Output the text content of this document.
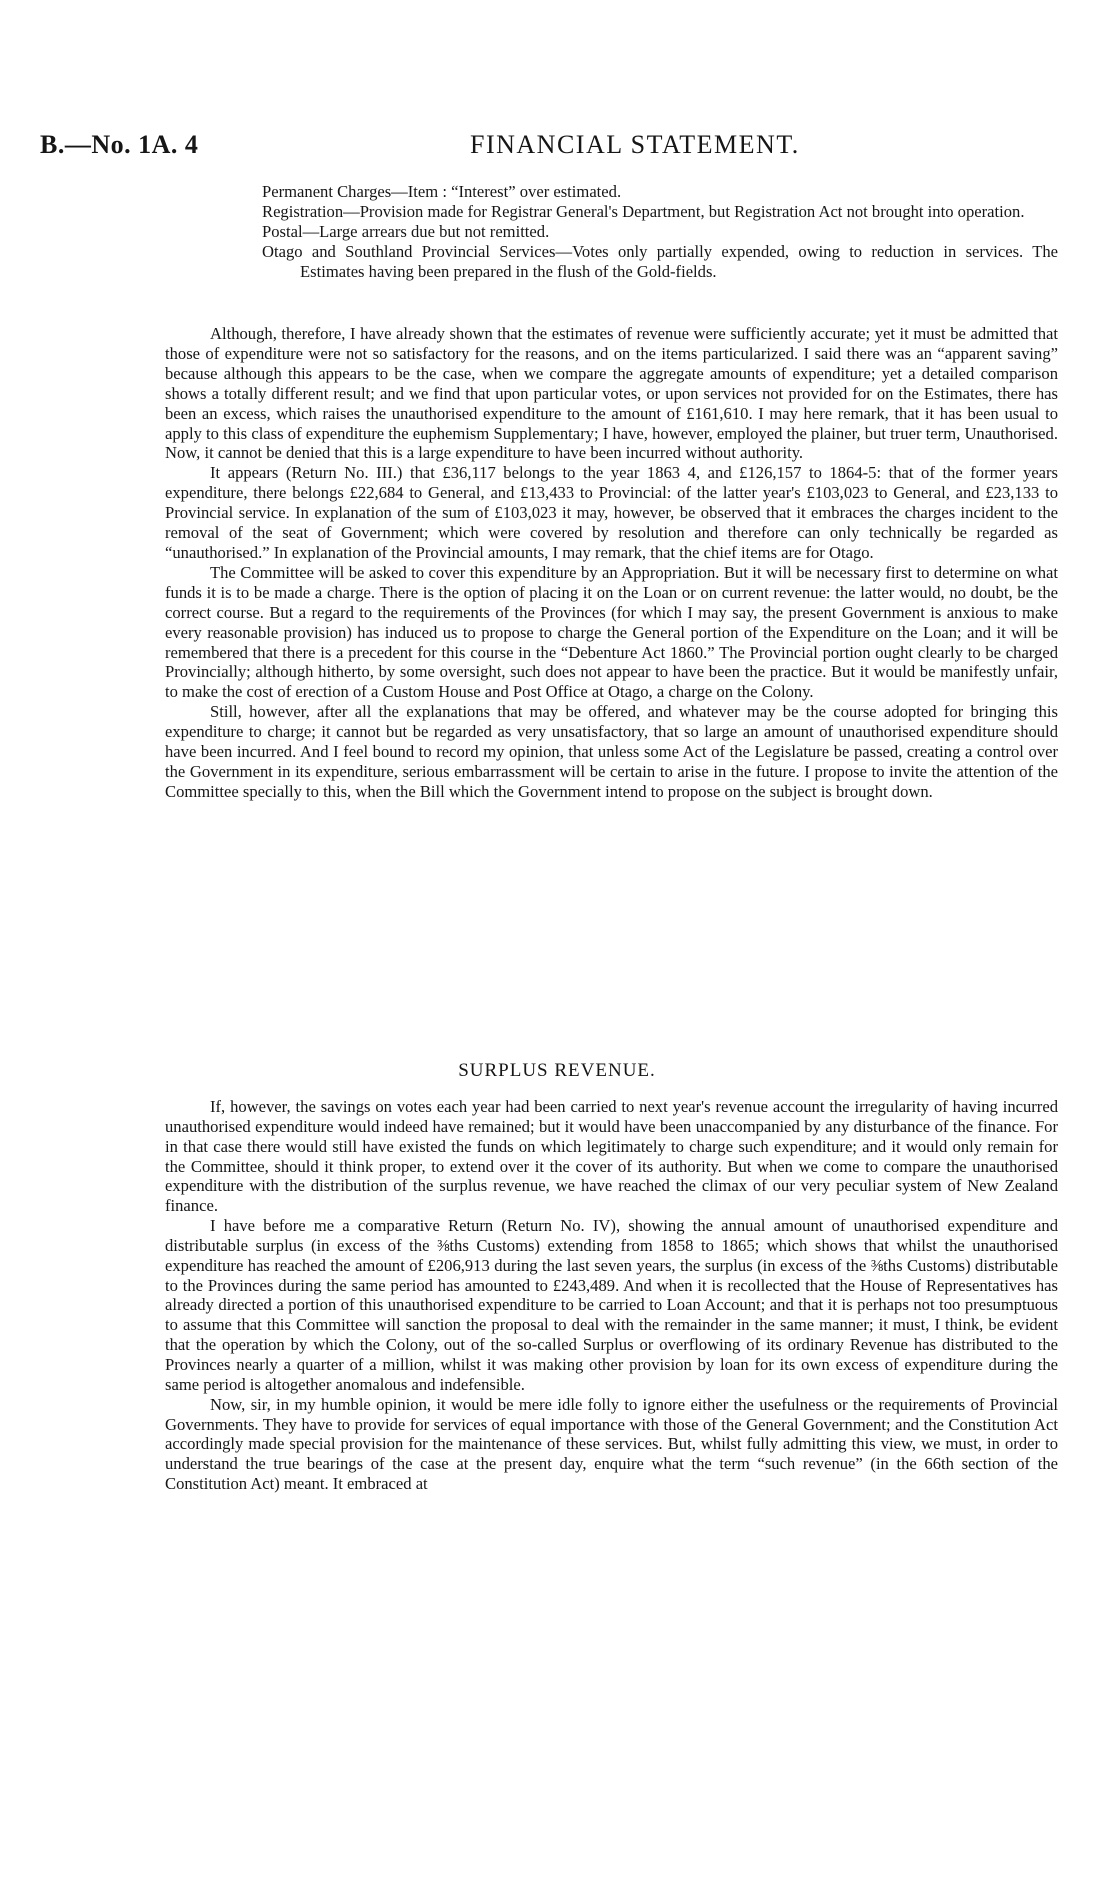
B.—No. 1A. 4	FINANCIAL STATEMENT.

Permanent Charges—Item : “Interest” over estimated.

Registration—Provision made for Registrar General's Department, but Registration Act not brought into operation.

Postal—Large arrears due but not remitted.

Otago and Southland Provincial Services—Votes only partially expended, owing to reduction in services. The Estimates having been prepared in the flush of the Gold-fields.

Although, therefore, I have already shown that the estimates of revenue were sufficiently accurate; yet it must be admitted that those of expenditure were not so satisfactory for the reasons, and on the items particularized. I said there was an “apparent saving” because although this appears to be the case, when we compare the aggregate amounts of expenditure; yet a detailed comparison shows a totally different result; and we find that upon particular votes, or upon services not provided for on the Estimates, there has been an excess, which raises the unauthorised expenditure to the amount of £161,610. I may here remark, that it has been usual to apply to this class of expenditure the euphemism Supplementary; I have, however, employed the plainer, but truer term, Unauthorised. Now, it cannot be denied that this is a large expenditure to have been incurred without authority.

It appears (Return No. III.) that £36,117 belongs to the year 1863 4, and £126,157 to 1864-5: that of the former years expenditure, there belongs £22,684 to General, and £13,433 to Provincial: of the latter year's £103,023 to General, and £23,133 to Provincial service. In explanation of the sum of £103,023 it may, however, be observed that it embraces the charges incident to the removal of the seat of Government; which were covered by resolution and therefore can only technically be regarded as “unauthorised.” In explanation of the Provincial amounts, I may remark, that the chief items are for Otago.

The Committee will be asked to cover this expenditure by an Appropriation. But it will be necessary first to determine on what funds it is to be made a charge. There is the option of placing it on the Loan or on current revenue: the latter would, no doubt, be the correct course. But a regard to the requirements of the Provinces (for which I may say, the present Government is anxious to make every reasonable provision) has induced us to propose to charge the General portion of the Expenditure on the Loan; and it will be remembered that there is a precedent for this course in the “Debenture Act 1860.” The Provincial portion ought clearly to be charged Provincially; although hitherto, by some oversight, such does not appear to have been the practice. But it would be manifestly unfair, to make the cost of erection of a Custom House and Post Office at Otago, a charge on the Colony.

Still, however, after all the explanations that may be offered, and whatever may be the course adopted for bringing this expenditure to charge; it cannot but be regarded as very unsatisfactory, that so large an amount of unauthorised expenditure should have been incurred. And I feel bound to record my opinion, that unless some Act of the Legislature be passed, creating a control over the Government in its expenditure, serious embarrassment will be certain to arise in the future. I propose to invite the attention of the Committee specially to this, when the Bill which the Government intend to propose on the subject is brought down.

SURPLUS REVENUE.

If, however, the savings on votes each year had been carried to next year's revenue account the irregularity of having incurred unauthorised expenditure would indeed have remained; but it would have been unaccompanied by any disturbance of the finance. For in that case there would still have existed the funds on which legitimately to charge such expenditure; and it would only remain for the Committee, should it think proper, to extend over it the cover of its authority. But when we come to compare the unauthorised expenditure with the distribution of the surplus revenue, we have reached the climax of our very peculiar system of New Zealand finance.

I have before me a comparative Return (Return No. IV), showing the annual amount of unauthorised expenditure and distributable surplus (in excess of the ⅜ths Customs) extending from 1858 to 1865; which shows that whilst the unauthorised expenditure has reached the amount of £206,913 during the last seven years, the surplus (in excess of the ⅜ths Customs) distributable to the Provinces during the same period has amounted to £243,489. And when it is recollected that the House of Representatives has already directed a portion of this unauthorised expenditure to be carried to Loan Account; and that it is perhaps not too presumptuous to assume that this Committee will sanction the proposal to deal with the remainder in the same manner; it must, I think, be evident that the operation by which the Colony, out of the so-called Surplus or overflowing of its ordinary Revenue has distributed to the Provinces nearly a quarter of a million, whilst it was making other provision by loan for its own excess of expenditure during the same period is altogether anomalous and indefensible.

Now, sir, in my humble opinion, it would be mere idle folly to ignore either the usefulness or the requirements of Provincial Governments. They have to provide for services of equal importance with those of the General Government; and the Constitution Act accordingly made special provision for the maintenance of these services. But, whilst fully admitting this view, we must, in order to understand the true bearings of the case at the present day, enquire what the term “such revenue” (in the 66th section of the Constitution Act) meant. It embraced at
